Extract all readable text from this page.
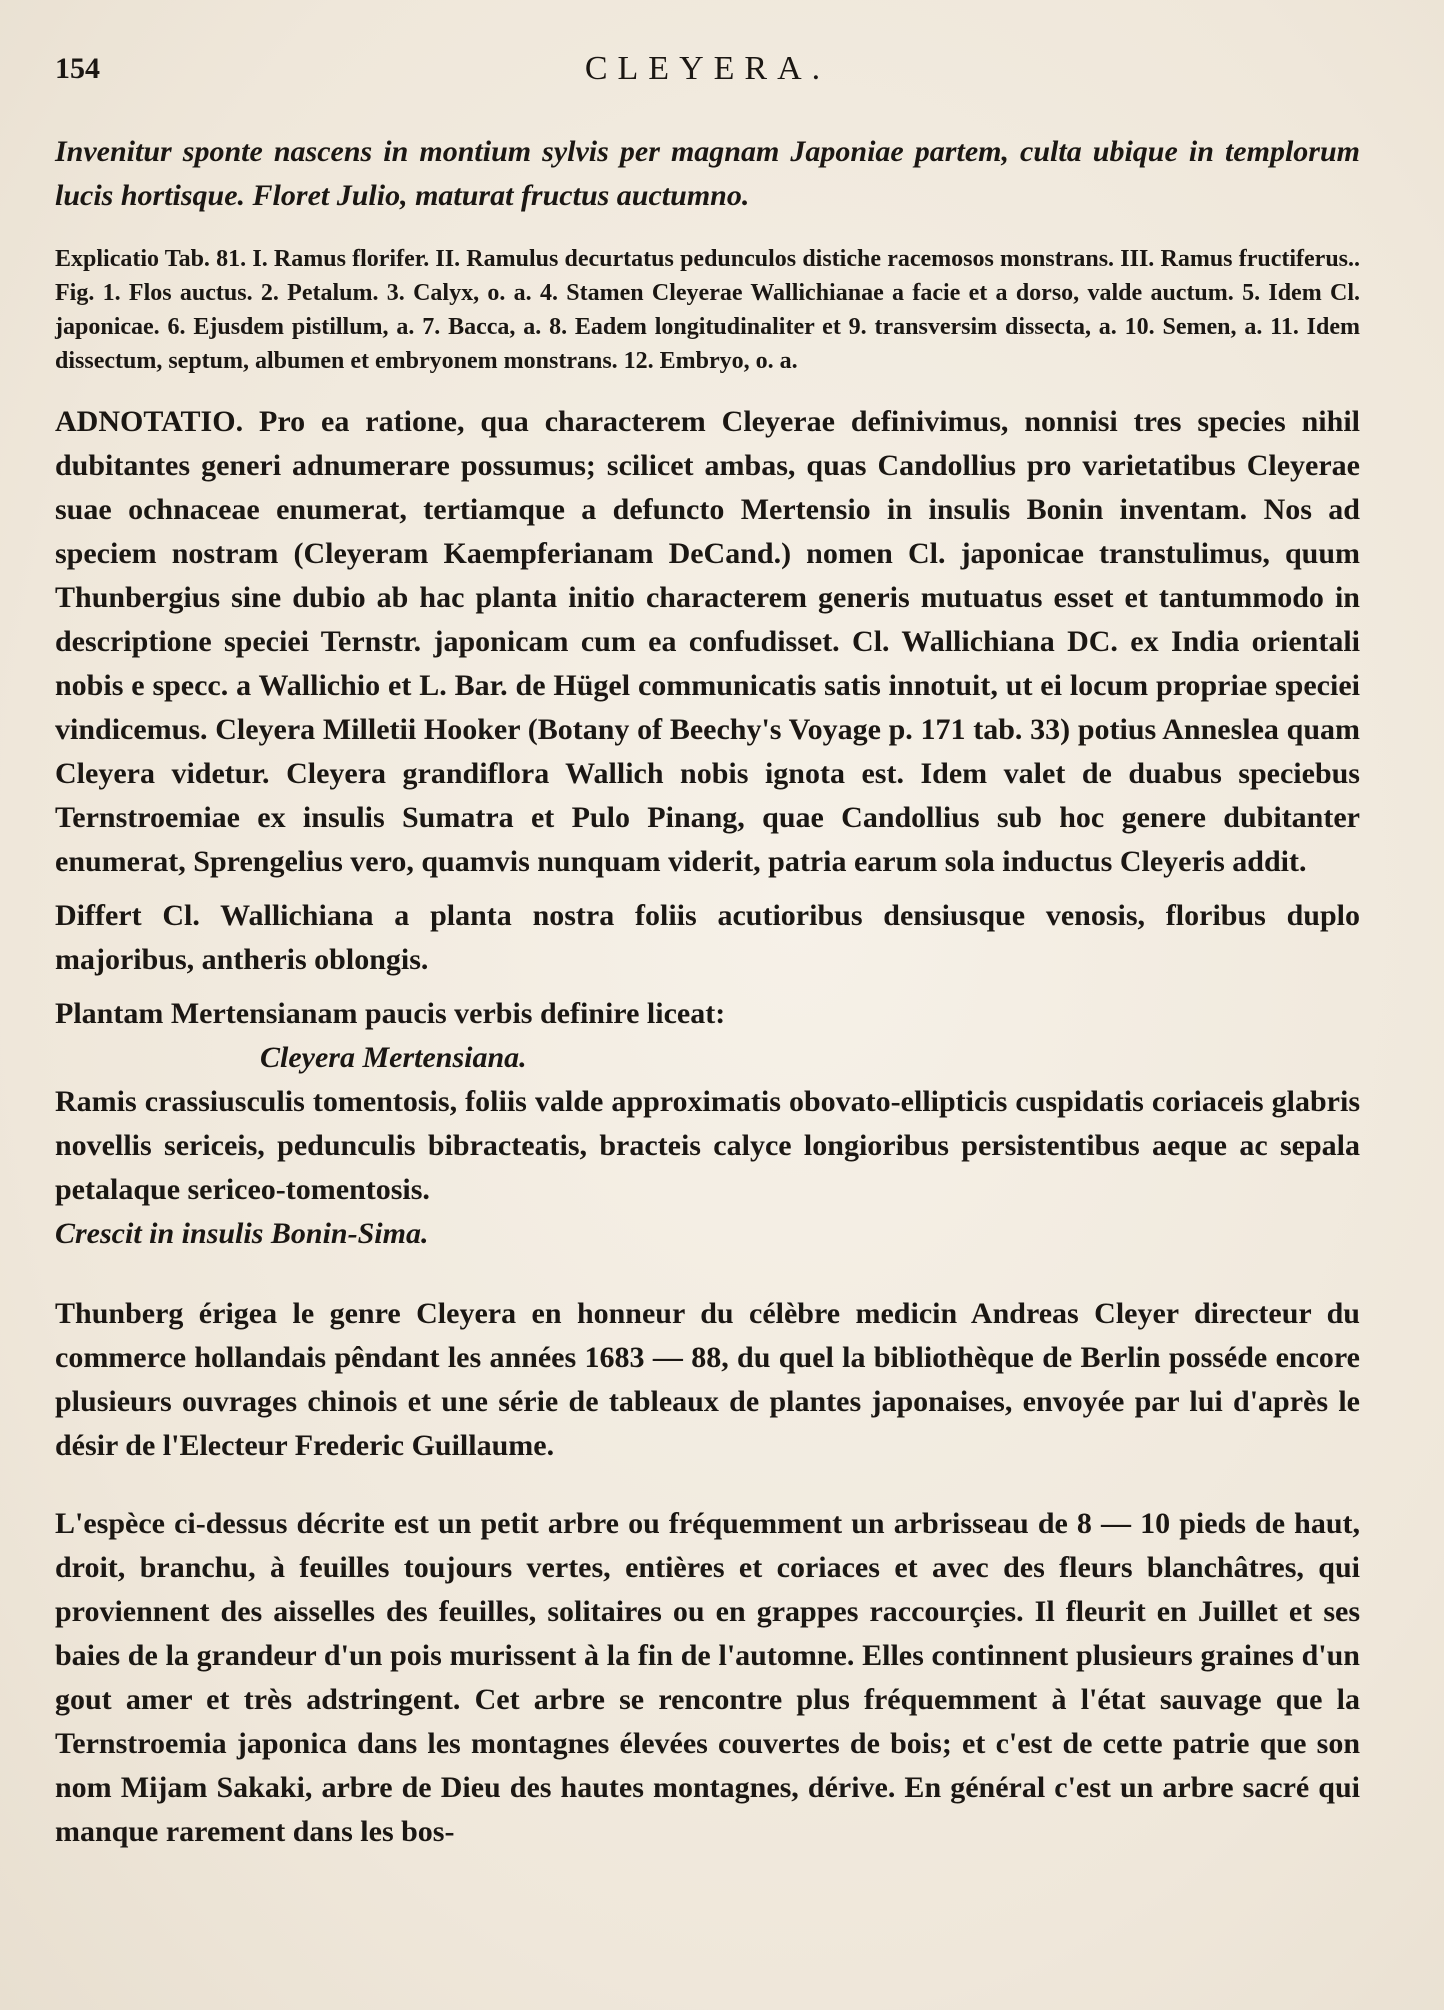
154	CLEYERA.

Invenitur sponte nascens in montium sylvis per magnam Japoniae partem, culta ubique in templorum lucis hortisque. Floret Julio, maturat fructus auctumno.

Explicatio Tab. 81. I. Ramus florifer. II. Ramulus decurtatus pedunculos distiche racemosos monstrans. III. Ramus fructiferus.. Fig. 1. Flos auctus. 2. Petalum. 3. Calyx, o. a. 4. Stamen Cleyerae Wallichianae a facie et a dorso, valde auctum. 5. Idem Cl. japonicae. 6. Ejusdem pistillum, a. 7. Bacca, a. 8. Eadem longitudinaliter et 9. transversim dissecta, a. 10. Semen, a. 11. Idem dissectum, septum, albumen et embryonem monstrans. 12. Embryo, o. a.

ADNOTATIO. Pro ea ratione, qua characterem Cleyerae definivimus, nonnisi tres species nihil dubitantes generi adnumerare possumus; scilicet ambas, quas Candollius pro varietatibus Cleyerae suae ochnaceae enumerat, tertiamque a defuncto Mertensio in insulis Bonin inventam. Nos ad speciem nostram (Cleyeram Kaempferianam DeCand.) nomen Cl. japonicae transtulimus, quum Thunbergius sine dubio ab hac planta initio characterem generis mutuatus esset et tantummodo in descriptione speciei Ternstr. japonicam cum ea confudisset. Cl. Wallichiana DC. ex India orientali nobis e specc. a Wallichio et L. Bar. de Hügel communicatis satis innotuit, ut ei locum propriae speciei vindicemus. Cleyera Milletii Hooker (Botany of Beechy's Voyage p. 171 tab. 33) potius Anneslea quam Cleyera videtur. Cleyera grandiflora Wallich nobis ignota est. Idem valet de duabus speciebus Ternstroemiae ex insulis Sumatra et Pulo Pinang, quae Candollius sub hoc genere dubitanter enumerat, Sprengelius vero, quamvis nunquam viderit, patria earum sola inductus Cleyeris addit.

Differt Cl. Wallichiana a planta nostra foliis acutioribus densiusque venosis, floribus duplo majoribus, antheris oblongis.

Plantam Mertensianam paucis verbis definire liceat:

Cleyera Mertensiana.

Ramis crassiusculis tomentosis, foliis valde approximatis obovato-ellipticis cuspidatis coriaceis glabris novellis sericeis, pedunculis bibracteatis, bracteis calyce longioribus persistentibus aeque ac sepala petalaque sericeo-tomentosis.

Crescit in insulis Bonin-Sima.

Thunberg érigea le genre Cleyera en honneur du célèbre medicin Andreas Cleyer directeur du commerce hollandais pêndant les années 1683 — 88, du quel la bibliothèque de Berlin posséde encore plusieurs ouvrages chinois et une série de tableaux de plantes japonaises, envoyée par lui d'après le désir de l'Electeur Frederic Guillaume.

L'espèce ci-dessus décrite est un petit arbre ou fréquemment un arbrisseau de 8 — 10 pieds de haut, droit, branchu, à feuilles toujours vertes, entières et coriaces et avec des fleurs blanchâtres, qui proviennent des aisselles des feuilles, solitaires ou en grappes raccourçies. Il fleurit en Juillet et ses baies de la grandeur d'un pois murissent à la fin de l'automne. Elles continnent plusieurs graines d'un gout amer et très adstringent. Cet arbre se rencontre plus fréquemment à l'état sauvage que la Ternstroemia japonica dans les montagnes élevées couvertes de bois; et c'est de cette patrie que son nom Mijam Sakaki, arbre de Dieu des hautes montagnes, dérive. En général c'est un arbre sacré qui manque rarement dans les bos-
